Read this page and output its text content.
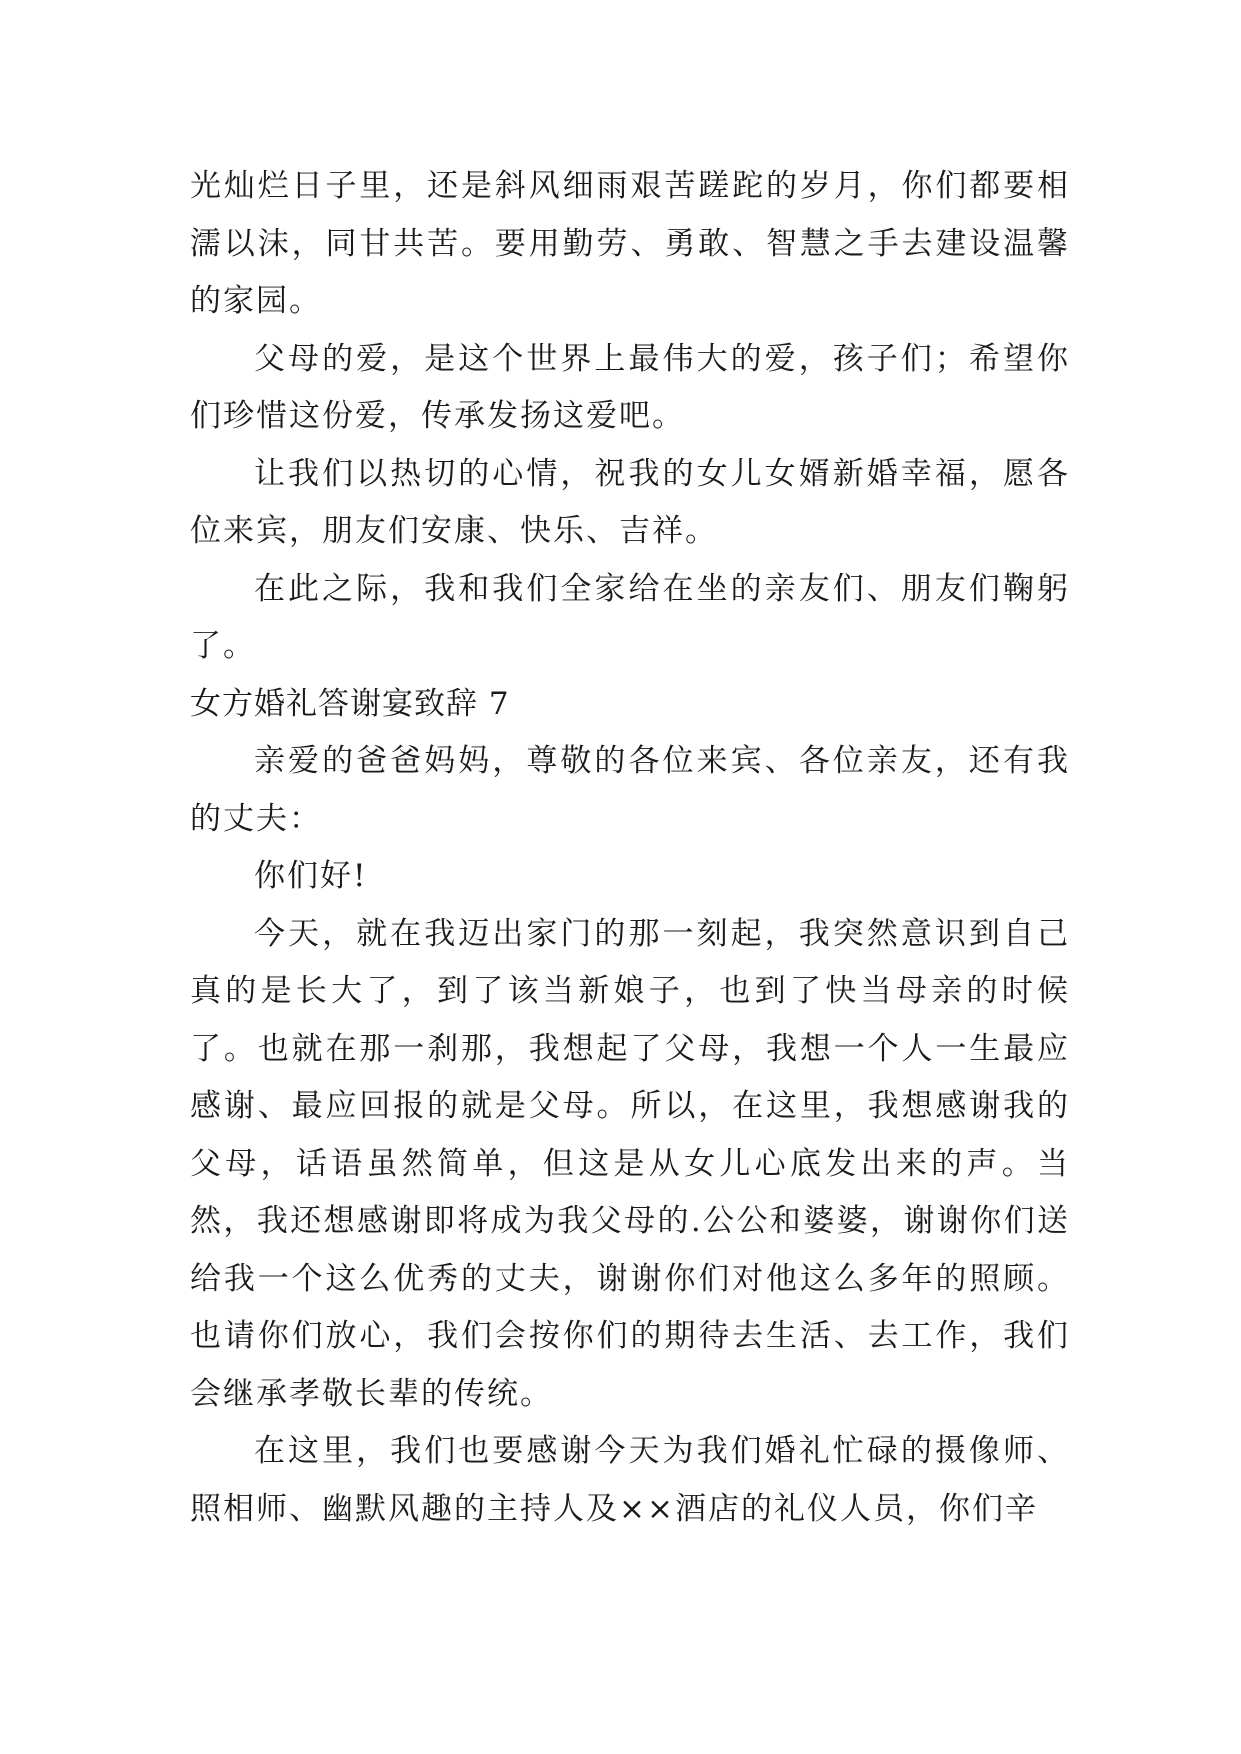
光灿烂日子里，还是斜风细雨艰苦蹉跎的岁月，你们都要相濡以沫，同甘共苦。要用勤劳、勇敢、智慧之手去建设温馨的家园。

父母的爱，是这个世界上最伟大的爱，孩子们；希望你们珍惜这份爱，传承发扬这爱吧。

让我们以热切的心情，祝我的女儿女婿新婚幸福，愿各位来宾，朋友们安康、快乐、吉祥。

在此之际，我和我们全家给在坐的亲友们、朋友们鞠躬了。

女方婚礼答谢宴致辞 7

亲爱的爸爸妈妈，尊敬的各位来宾、各位亲友，还有我的丈夫：

你们好!

今天，就在我迈出家门的那一刻起，我突然意识到自己真的是长大了，到了该当新娘子，也到了快当母亲的时候了。也就在那一刹那，我想起了父母，我想一个人一生最应感谢、最应回报的就是父母。所以，在这里，我想感谢我的父母，话语虽然简单，但这是从女儿心底发出来的声。当然，我还想感谢即将成为我父母的.公公和婆婆，谢谢你们送给我一个这么优秀的丈夫，谢谢你们对他这么多年的照顾。也请你们放心，我们会按你们的期待去生活、去工作，我们会继承孝敬长辈的传统。

在这里，我们也要感谢今天为我们婚礼忙碌的摄像师、照相师、幽默风趣的主持人及××酒店的礼仪人员，你们辛
